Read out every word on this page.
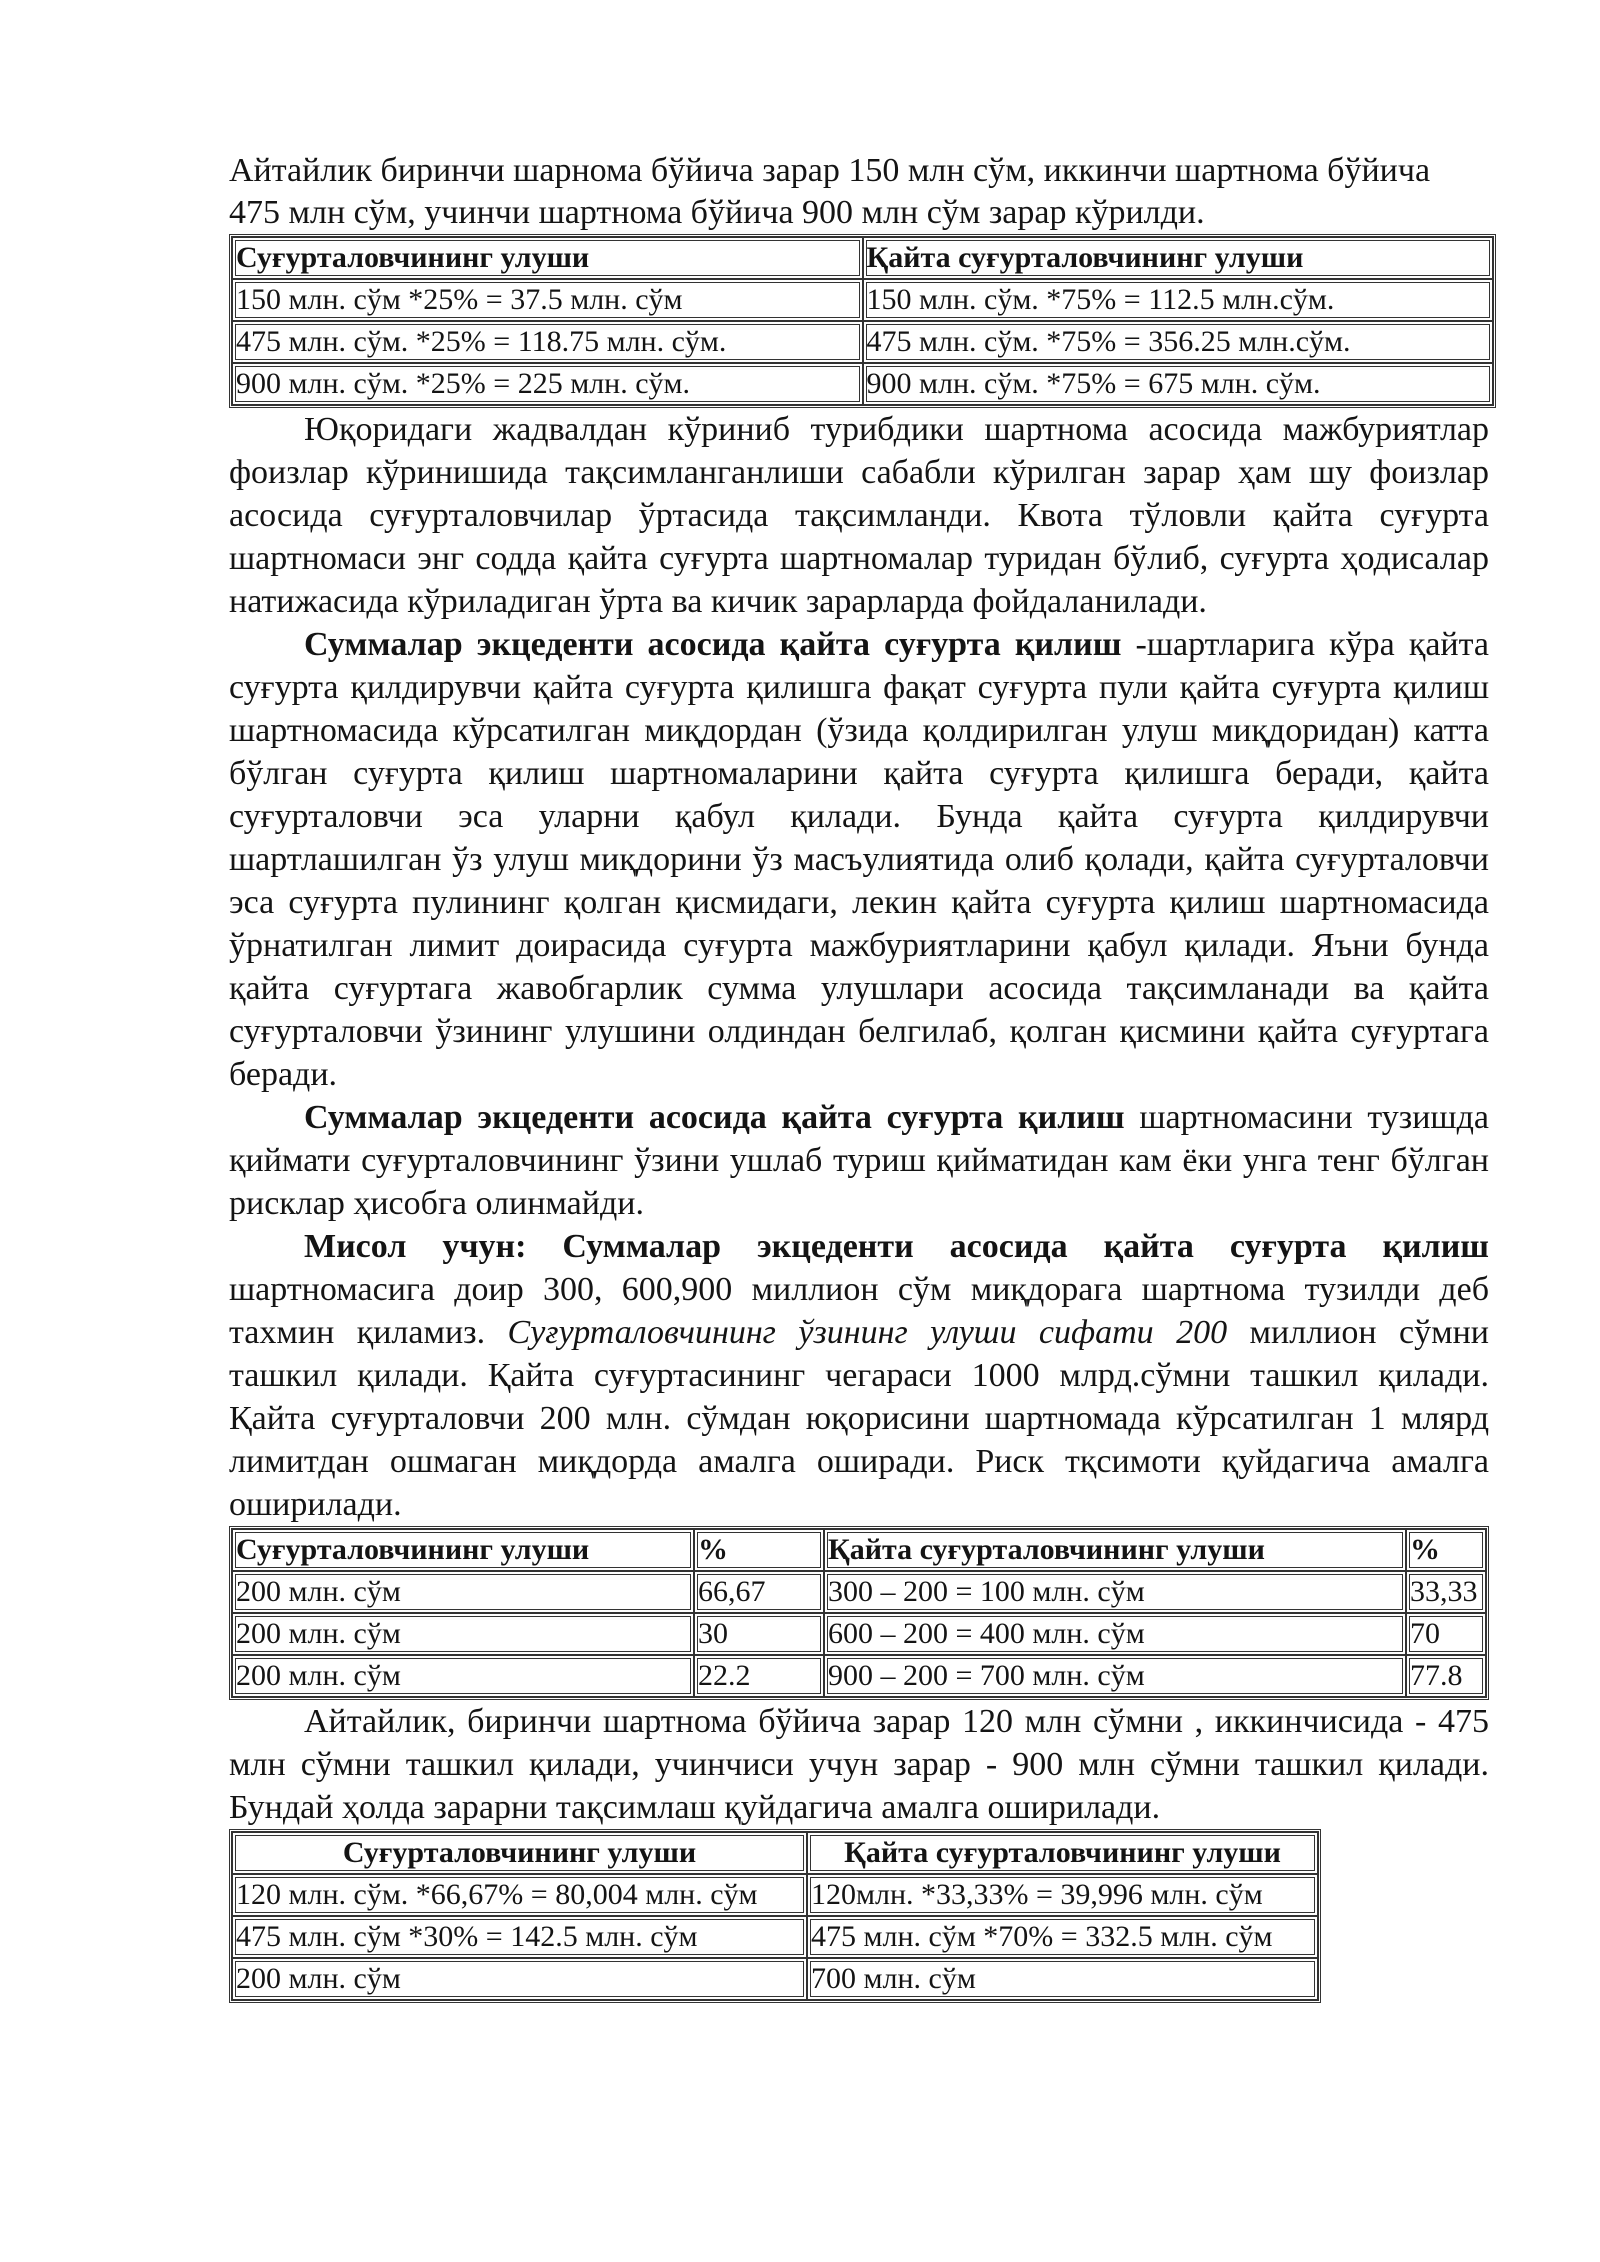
Айтайлик биринчи шарнома бўйича зарар 150 млн сўм, иккинчи шартнома бўйича
475 млн сўм, учинчи шартнома бўйича 900 млн сўм зарар кўрилди.
Суғурталовчининг улуши	Қайта суғурталовчининг улуши
150 млн. сўм *25% = 37.5 млн. сўм	150 млн. сўм. *75% = 112.5 млн.сўм.
475 млн. сўм. *25% = 118.75 млн. сўм.	475 млн. сўм. *75% = 356.25 млн.сўм.
900 млн. сўм. *25% = 225 млн. сўм.	900 млн. сўм. *75% = 675 млн. сўм.

Юқоридаги жадвалдан кўриниб турибдики шартнома асосида мажбуриятлар фоизлар кўринишида тақсимланганлиши сабабли кўрилган зарар ҳам шу фоизлар асосида суғурталовчилар ўртасида тақсимланди. Квота тўловли қайта суғурта шартномаси энг содда қайта суғурта шартномалар туридан бўлиб, суғурта ҳодисалар натижасида кўриладиган ўрта ва кичик зарарларда фойдаланилади.

Суммалар экцеденти асосида қайта суғурта қилиш -шартларига кўра қайта суғурта қилдирувчи қайта суғурта қилишга фақат суғурта пули қайта суғурта қилиш шартномасида кўрсатилган миқдордан (ўзида қолдирилган улуш миқдоридан) катта бўлган суғурта қилиш шартномаларини қайта суғурта қилишга беради, қайта суғурталовчи эса уларни қабул қилади. Бунда қайта суғурта қилдирувчи шартлашилган ўз улуш миқдорини ўз масъулиятида олиб қолади, қайта суғурталовчи эса суғурта пулининг қолган қисмидаги, лекин қайта суғурта қилиш шартномасида ўрнатилган лимит доирасида суғурта мажбуриятларини қабул қилади. Яъни бунда қайта суғуртага жавобгарлик сумма улушлари асосида тақсимланади ва қайта суғурталовчи ўзининг улушини олдиндан белгилаб, қолган қисмини қайта суғуртага беради.

Суммалар экцеденти асосида қайта суғурта қилиш шартномасини тузишда қиймати суғурталовчининг ўзини ушлаб туриш қийматидан кам ёки унга тенг бўлган рисклар ҳисобга олинмайди.

Мисол учун: Суммалар экцеденти асосида қайта суғурта қилиш шартномасига доир 300, 600,900 миллион сўм миқдорага шартнома тузилди деб тахмин қиламиз. Суғурталовчининг ўзининг улуши сифати 200 миллион сўмни ташкил қилади. Қайта суғуртасининг чегараси 1000 млрд.сўмни ташкил қилади. Қайта суғурталовчи 200 млн. сўмдан юқорисини шартномада кўрсатилган 1 млярд лимитдан ошмаган миқдорда амалга оширади. Риск тқсимоти қуйдагича амалга оширилади.

Суғурталовчининг улуши	%	Қайта суғурталовчининг улуши	%
200 млн. сўм	66,67	300 – 200 = 100 млн. сўм	33,33
200 млн. сўм	30	600 – 200 = 400 млн. сўм	70
200 млн. сўм	22.2	900 – 200 = 700 млн. сўм	77.8

Айтайлик, биринчи шартнома бўйича зарар 120 млн сўмни , иккинчисида - 475 млн сўмни ташкил қилади, учинчиси учун зарар - 900 млн сўмни ташкил қилади. Бундай ҳолда зарарни тақсимлаш қуйдагича амалга оширилади.

Суғурталовчининг улуши	Қайта суғурталовчининг улуши
120 млн. сўм. *66,67% = 80,004 млн. сўм	120млн. *33,33% = 39,996 млн. сўм
475 млн. сўм *30% = 142.5 млн. сўм	475 млн. сўм *70% = 332.5 млн. сўм
200 млн. сўм	700 млн. сўм
